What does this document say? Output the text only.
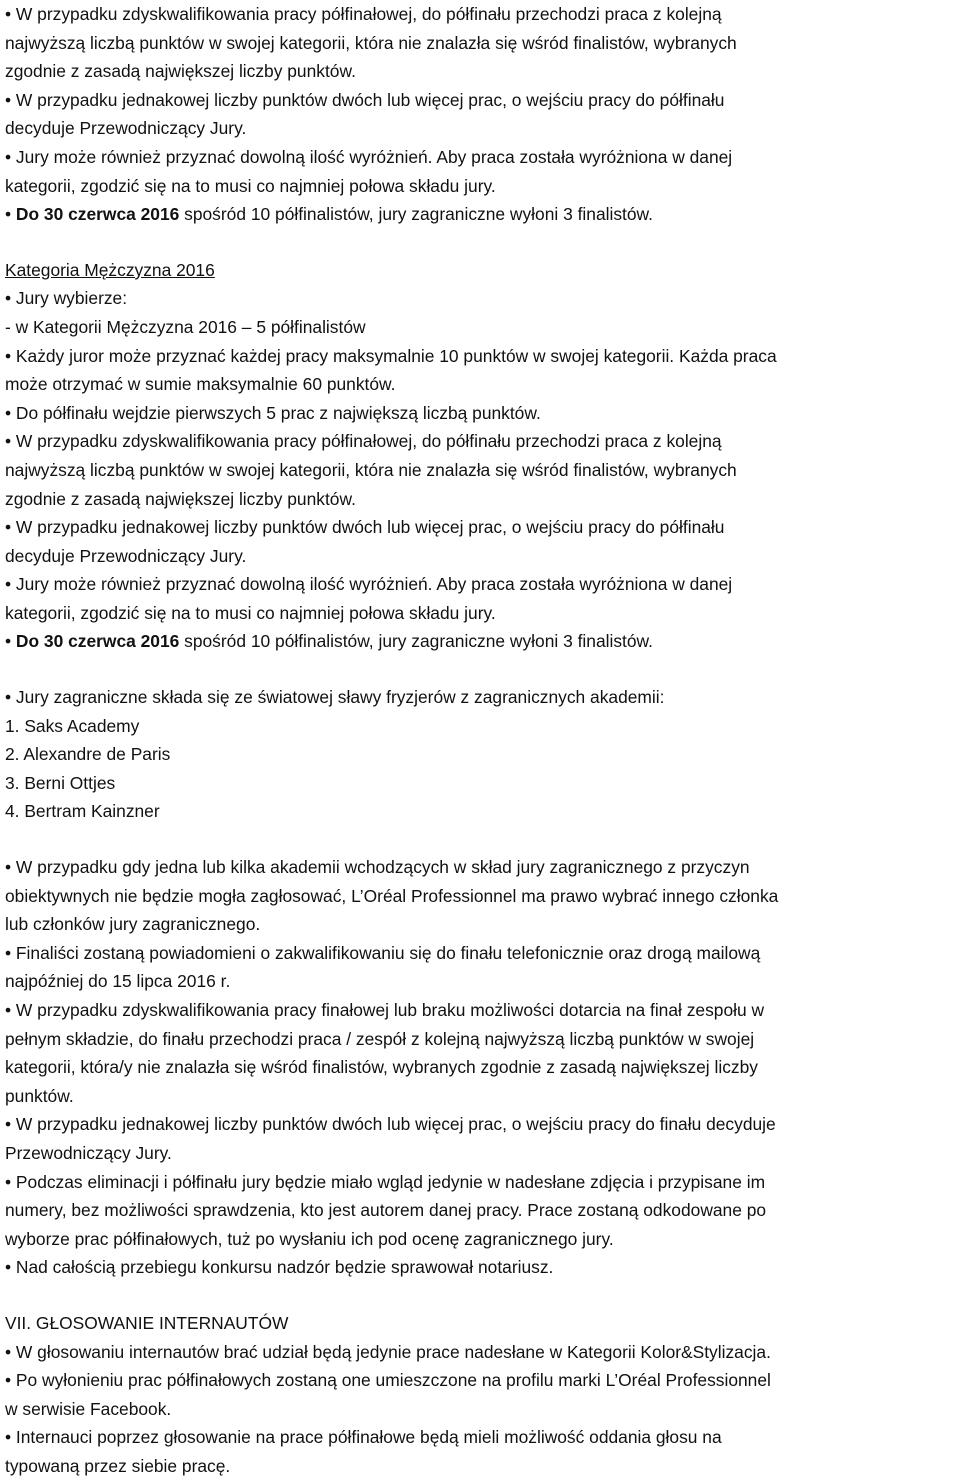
• W przypadku zdyskwalifikowania pracy półfinałowej, do półfinału przechodzi praca z kolejną
najwyższą liczbą punktów w swojej kategorii, która nie znalazła się wśród finalistów, wybranych
zgodnie z zasadą największej liczby punktów.
• W przypadku jednakowej liczby punktów dwóch lub więcej prac, o wejściu pracy do półfinału
decyduje Przewodniczący Jury.
• Jury może również przyznać dowolną ilość wyróżnień. Aby praca została wyróżniona w danej
kategorii, zgodzić się na to musi co najmniej połowa składu jury.
• Do 30 czerwca 2016 spośród 10 półfinalistów, jury zagraniczne wyłoni 3 finalistów.
Kategoria Mężczyzna 2016
• Jury wybierze:
- w Kategorii Mężczyzna 2016 – 5 półfinalistów
• Każdy juror może przyznać każdej pracy maksymalnie 10 punktów w swojej kategorii. Każda praca
może otrzymać w sumie maksymalnie 60 punktów.
• Do półfinału wejdzie pierwszych 5 prac z największą liczbą punktów.
• W przypadku zdyskwalifikowania pracy półfinałowej, do półfinału przechodzi praca z kolejną
najwyższą liczbą punktów w swojej kategorii, która nie znalazła się wśród finalistów, wybranych
zgodnie z zasadą największej liczby punktów.
• W przypadku jednakowej liczby punktów dwóch lub więcej prac, o wejściu pracy do półfinału
decyduje Przewodniczący Jury.
• Jury może również przyznać dowolną ilość wyróżnień. Aby praca została wyróżniona w danej
kategorii, zgodzić się na to musi co najmniej połowa składu jury.
• Do 30 czerwca 2016 spośród 10 półfinalistów, jury zagraniczne wyłoni 3 finalistów.
• Jury zagraniczne składa się ze światowej sławy fryzjerów z zagranicznych akademii:
1. Saks Academy
2. Alexandre de Paris
3. Berni Ottjes
4. Bertram Kainzner
• W przypadku gdy jedna lub kilka akademii wchodzących w skład jury zagranicznego z przyczyn
obiektywnych nie będzie mogła zagłosować, L’Oréal Professionnel ma prawo wybrać innego członka
lub członków jury zagranicznego.
• Finaliści zostaną powiadomieni o zakwalifikowaniu się do finału telefonicznie oraz drogą mailową
najpóźniej do 15 lipca 2016 r.
• W przypadku zdyskwalifikowania pracy finałowej lub braku możliwości dotarcia na finał zespołu w
pełnym składzie, do finału przechodzi praca / zespół z kolejną najwyższą liczbą punktów w swojej
kategorii, która/y nie znalazła się wśród finalistów, wybranych zgodnie z zasadą największej liczby
punktów.
• W przypadku jednakowej liczby punktów dwóch lub więcej prac, o wejściu pracy do finału decyduje
Przewodniczący Jury.
• Podczas eliminacji i półfinału jury będzie miało wgląd jedynie w nadesłane zdjęcia i przypisane im
numery, bez możliwości sprawdzenia, kto jest autorem danej pracy. Prace zostaną odkodowane po
wyborze prac półfinałowych, tuż po wysłaniu ich pod ocenę zagranicznego jury.
• Nad całością przebiegu konkursu nadzór będzie sprawował notariusz.
VII. GŁOSOWANIE INTERNAUTÓW
• W głosowaniu internautów brać udział będą jedynie prace nadesłane w Kategorii Kolor&Stylizacja.
• Po wyłonieniu prac półfinałowych zostaną one umieszczone na profilu marki L’Oréal Professionnel
w serwisie Facebook.
• Internauci poprzez głosowanie na prace półfinałowe będą mieli możliwość oddania głosu na
typowaną przez siebie pracę.
